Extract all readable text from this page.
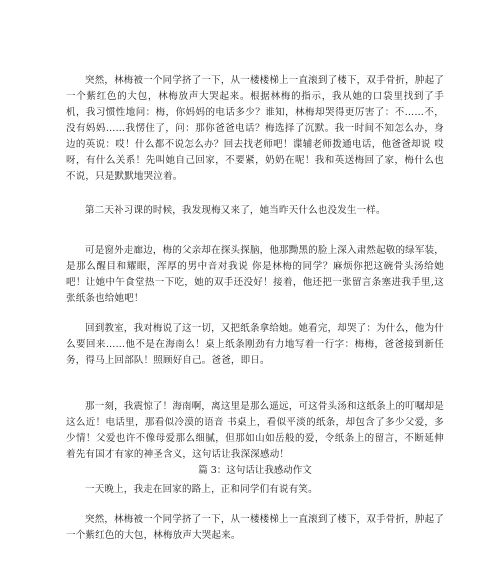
突然，林梅被一个同学挤了一下，从一楼楼梯上一直滚到了楼下，双手骨折，肿起了一个紫红色的大包，林梅放声大哭起来。根据林梅的指示，我从她的口袋里找到了手机，我习惯性地问：梅，你妈妈的电话多少？谁知，林梅却哭得更厉害了：不……不，没有妈妈……我愣住了，问：那你爸爸电话？梅选择了沉默。我一时间不知怎么办，身边的英说：哎！什么都不说怎么办？回去找老师吧！谍辅老师拨通电话，他爸爸却说 哎呀，有什么关系！先叫她自己回家，不要紧，奶奶在呢！我和英送梅回了家，梅什么也不说，只是默默地哭泣着。

第二天补习课的时候，我发现梅又来了，她当昨天什么也没发生一样。

可是窗外走廊边，梅的父亲却在探头探脑，他那黝黑的脸上深入肃然起敬的绿军装，是那么醒目和耀眼，浑厚的男中音对我说 你是林梅的同学？麻烦你把这碗骨头汤给她吧！让她中午食堂热一下吃，她的双手还没好！接着，他还把一张留言条塞进我手里,这张纸条也给她吧！

回到教室，我对梅说了这一切，又把纸条拿给她。她看完，却哭了：为什么，他为什么要回来……他不是在海南么！桌上纸条刚劲有力地写着一行字：梅梅，爸爸接到新任务，得马上回部队！照顾好自己。爸爸，即日。

那一刻，我震惊了！海南啊，离这里是那么遥远，可这骨头汤和这纸条上的叮嘱却是这么近！电话里，那看似冷漠的语音 书桌上，看似平淡的纸条，却包含了多少父爱，多少情！父爱也许不像母爱那么细腻，但那如山如岳般的爱，令纸条上的留言，不断延伸着先有国才有家的神圣含义，这句话让我深深感动！

篇 3：这句话让我感动作文

一天晚上，我走在回家的路上，正和同学们有说有笑。

突然，林梅被一个同学挤了一下，从一楼楼梯上一直滚到了楼下，双手骨折，肿起了一个紫红色的大包，林梅放声大哭起来。
